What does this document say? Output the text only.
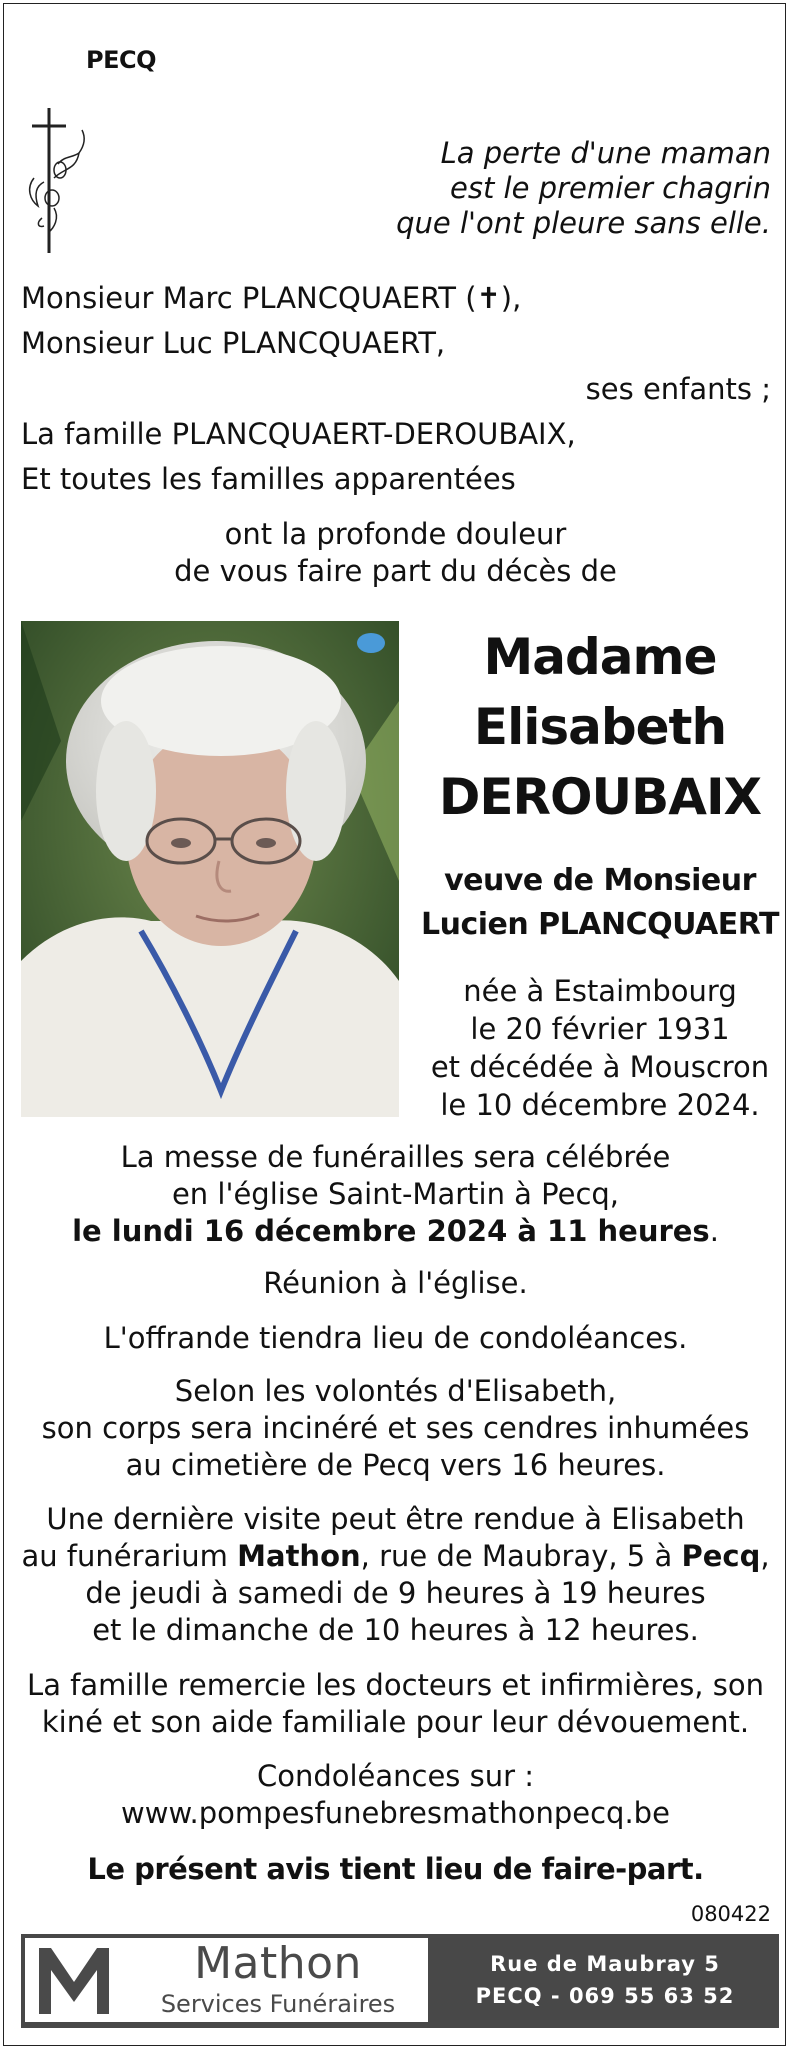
PECQ
La perte d'une maman
est le premier chagrin
que l'ont pleure sans elle.
Monsieur Marc PLANCQUAERT (✝),
Monsieur Luc PLANCQUAERT,
ses enfants ;
La famille PLANCQUAERT-DEROUBAIX,
Et toutes les familles apparentées
ont la profonde douleur
de vous faire part du décès de
Madame
Elisabeth
DEROUBAIX
veuve de Monsieur
Lucien PLANCQUAERT
née à Estaimbourg
le 20 février 1931
et décédée à Mouscron
le 10 décembre 2024.
La messe de funérailles sera célébrée
en l'église Saint-Martin à Pecq,
le lundi 16 décembre 2024 à 11 heures.
Réunion à l'église.
L'offrande tiendra lieu de condoléances.
Selon les volontés d'Elisabeth,
son corps sera incinéré et ses cendres inhumées
au cimetière de Pecq vers 16 heures.
Une dernière visite peut être rendue à Elisabeth
au funérarium Mathon, rue de Maubray, 5 à Pecq,
de jeudi à samedi de 9 heures à 19 heures
et le dimanche de 10 heures à 12 heures.
La famille remercie les docteurs et infirmières, son
kiné et son aide familiale pour leur dévouement.
Condoléances sur :
www.pompesfunebresmathonpecq.be
Le présent avis tient lieu de faire-part.
080422
Mathon
Services Funéraires
Rue de Maubray 5
PECQ - 069 55 63 52
